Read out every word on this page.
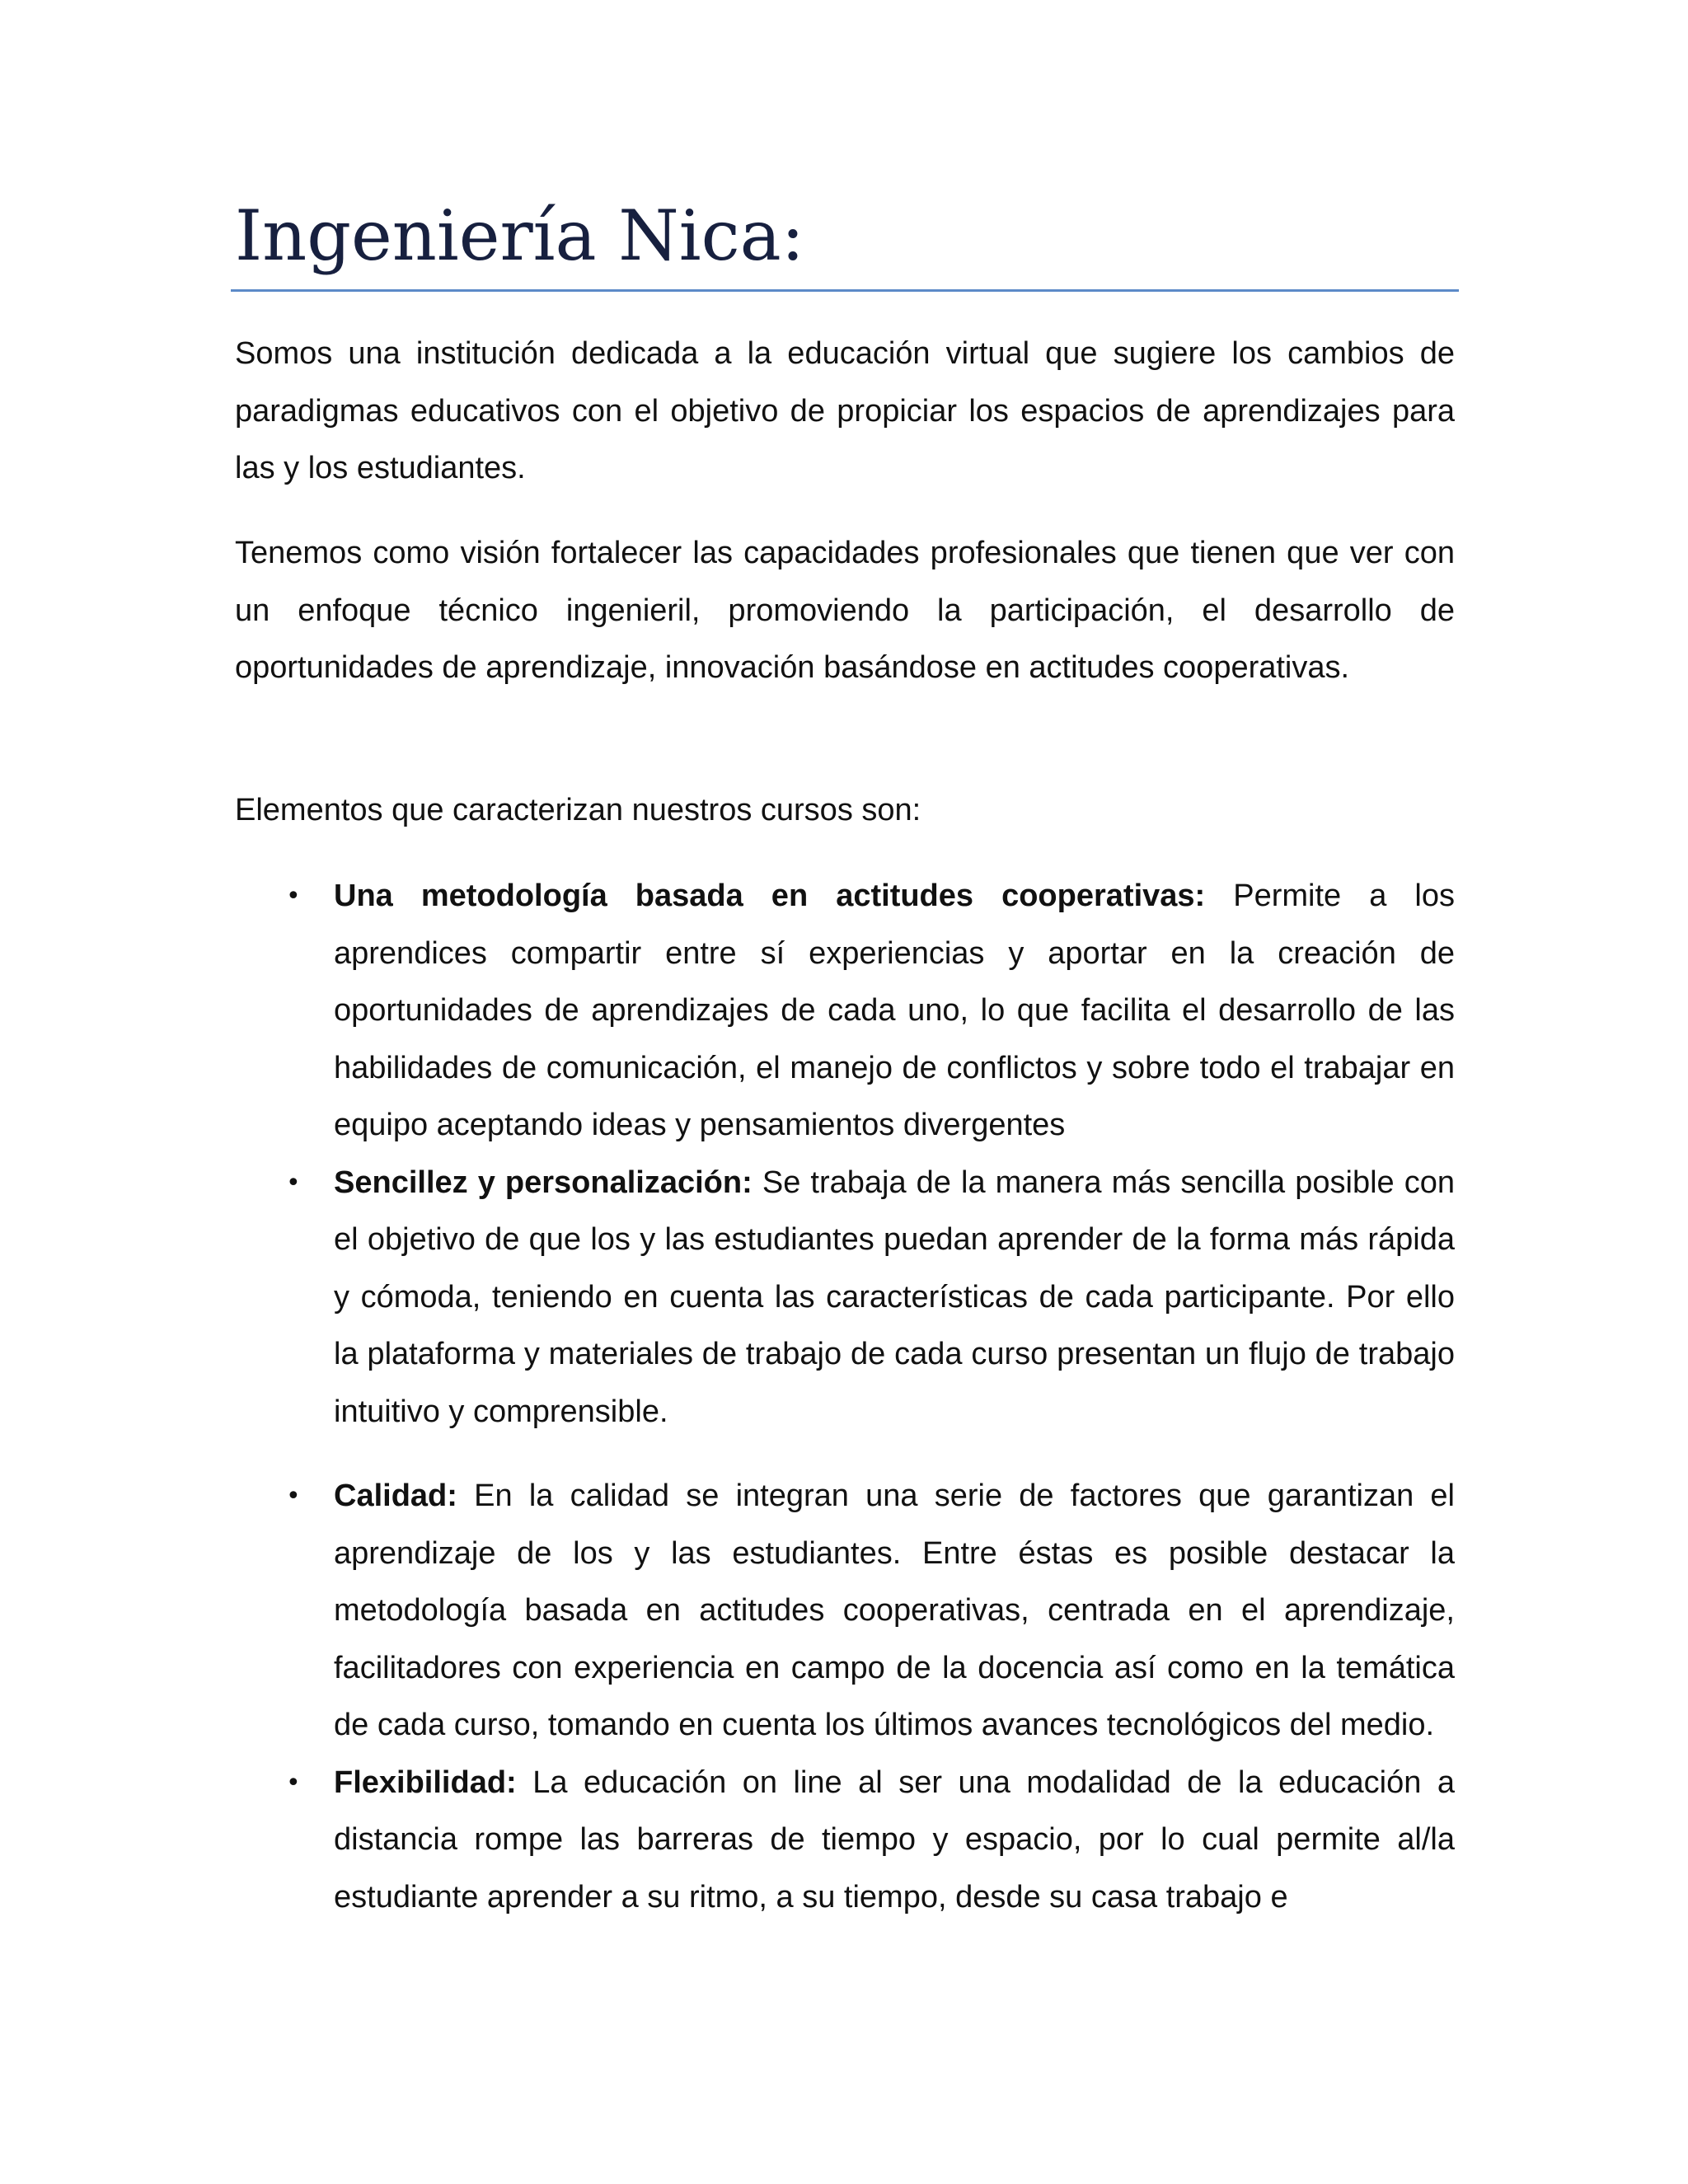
Ingeniería Nica:

Somos una institución dedicada a la educación virtual que sugiere los cambios de paradigmas educativos con el objetivo de propiciar los espacios de aprendizajes para las y los estudiantes.

Tenemos como visión fortalecer las capacidades profesionales que tienen que ver con un enfoque técnico ingenieril, promoviendo la participación, el desarrollo de oportunidades de aprendizaje, innovación basándose en actitudes cooperativas.

Elementos que caracterizan nuestros cursos son:

• Una metodología basada en actitudes cooperativas: Permite a los aprendices compartir entre sí experiencias y aportar en la creación de oportunidades de aprendizajes de cada uno, lo que facilita el desarrollo de las habilidades de comunicación, el manejo de conflictos y sobre todo el trabajar en equipo aceptando ideas y pensamientos divergentes
• Sencillez y personalización: Se trabaja de la manera más sencilla posible con el objetivo de que los y las estudiantes puedan aprender de la forma más rápida y cómoda, teniendo en cuenta las características de cada participante. Por ello la plataforma y materiales de trabajo de cada curso presentan un flujo de trabajo intuitivo y comprensible.
• Calidad: En la calidad se integran una serie de factores que garantizan el aprendizaje de los y las estudiantes. Entre éstas es posible destacar la metodología basada en actitudes cooperativas, centrada en el aprendizaje, facilitadores con experiencia en campo de la docencia así como en la temática de cada curso, tomando en cuenta los últimos avances tecnológicos del medio.
• Flexibilidad: La educación on line al ser una modalidad de la educación a distancia rompe las barreras de tiempo y espacio, por lo cual permite al/la estudiante aprender a su ritmo, a su tiempo, desde su casa trabajo e
